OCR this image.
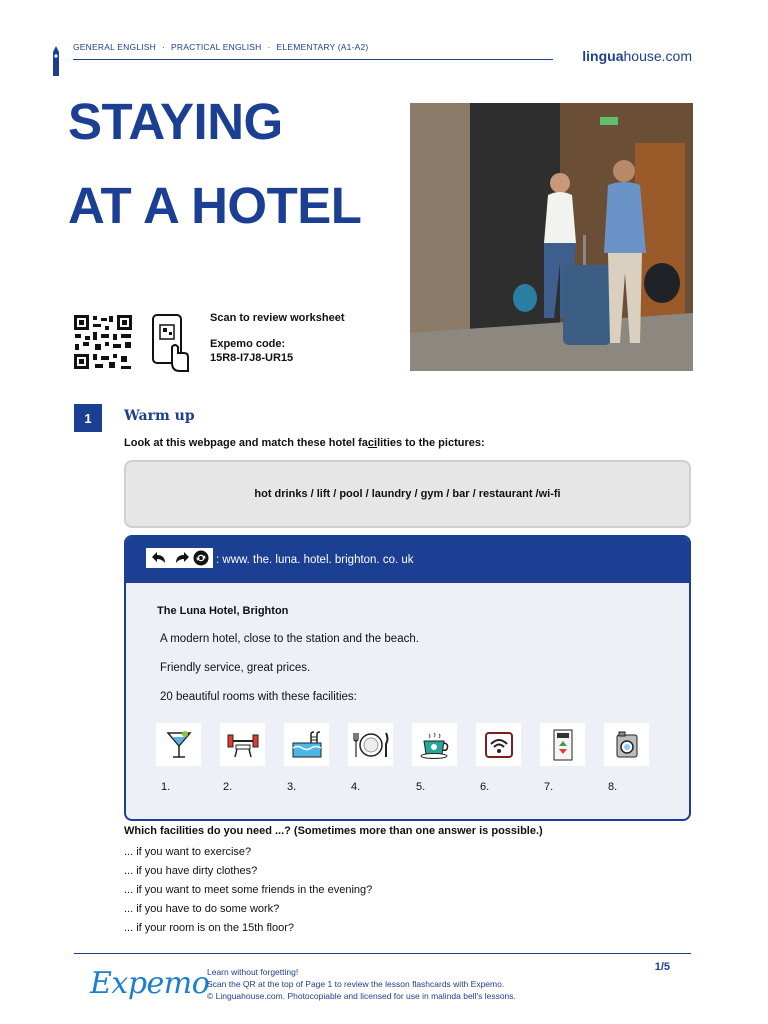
GENERAL ENGLISH · PRACTICAL ENGLISH · ELEMENTARY (A1-A2)
linguahouse.com
STAYING
AT A HOTEL
Scan to review worksheet
Expemo code:
15R8-I7J8-UR15
1	Warm up
Look at this webpage and match these hotel facilities to the pictures:
hot drinks / lift / pool / laundry / gym / bar / restaurant /wi-fi
: www. the. luna. hotel. brighton. co. uk
The Luna Hotel, Brighton
A modern hotel, close to the station and the beach.
Friendly service, great prices.
20 beautiful rooms with these facilities:
1.	2.	3.	4.	5.	6.	7.	8.
Which facilities do you need ...? (Sometimes more than one answer is possible.)
... if you want to exercise?
... if you have dirty clothes?
... if you want to meet some friends in the evening?
... if you have to do some work?
... if your room is on the 15th floor?
Expemo
Learn without forgetting!
Scan the QR at the top of Page 1 to review the lesson flashcards with Expemo.
© Linguahouse.com. Photocopiable and licensed for use in malinda bell's lessons.
1/5
